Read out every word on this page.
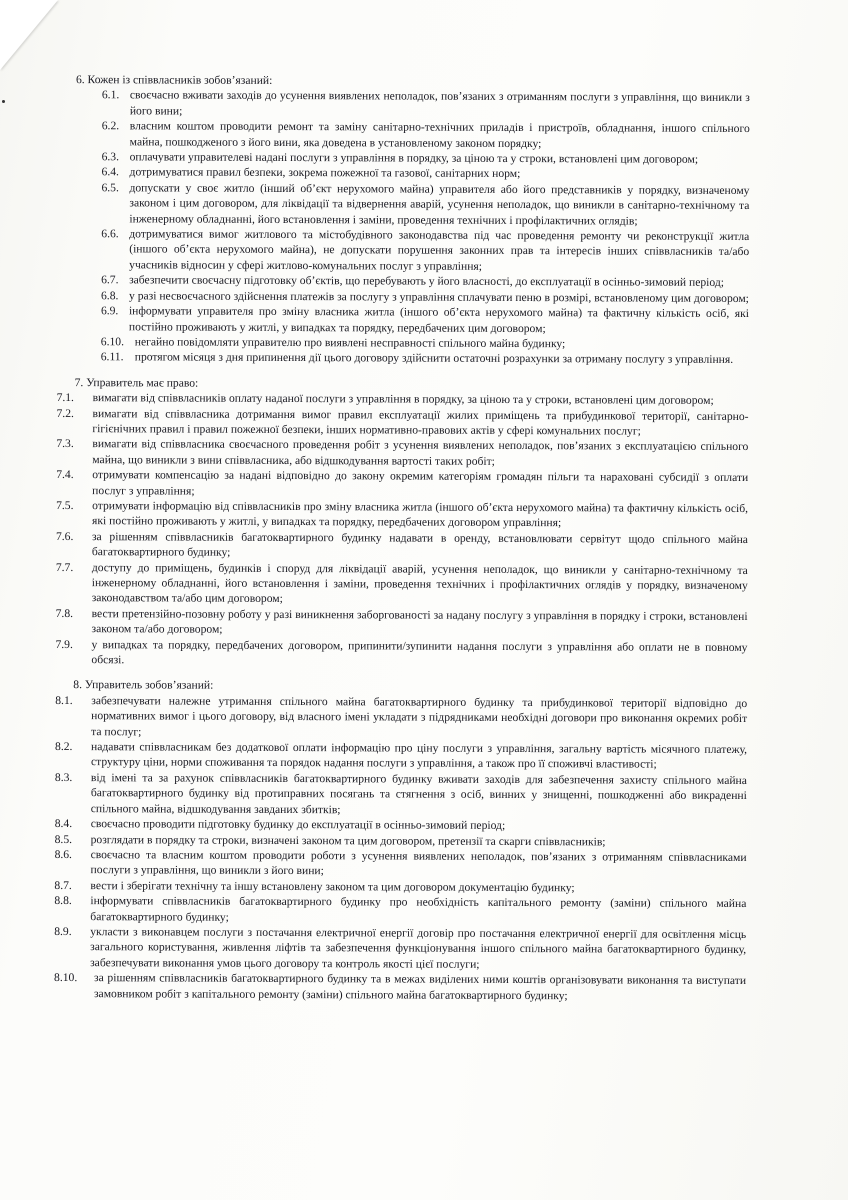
6. Кожен із співвласників зобов’язаний:

6.1. своєчасно вживати заходів до усунення виявлених неполадок, пов’язаних з отриманням послуги з управління, що виникли з його вини;
6.2. власним коштом проводити ремонт та заміну санітарно-технічних приладів і пристроїв, обладнання, іншого спільного майна, пошкодженого з його вини, яка доведена в установленому законом порядку;
6.3. оплачувати управителеві надані послуги з управління в порядку, за ціною та у строки, встановлені цим договором;
6.4. дотримуватися правил безпеки, зокрема пожежної та газової, санітарних норм;
6.5. допускати у своє житло (інший об’єкт нерухомого майна) управителя або його представників у порядку, визначеному законом і цим договором, для ліквідації та відвернення аварій, усунення неполадок, що виникли в санітарно-технічному та інженерному обладнанні, його встановлення і заміни, проведення технічних і профілактичних оглядів;
6.6. дотримуватися вимог житлового та містобудівного законодавства під час проведення ремонту чи реконструкції житла (іншого об’єкта нерухомого майна), не допускати порушення законних прав та інтересів інших співвласників та/або учасників відносин у сфері житлово-комунальних послуг з управління;
6.7. забезпечити своєчасну підготовку об’єктів, що перебувають у його власності, до експлуатації в осінньо-зимовий період;
6.8. у разі несвоєчасного здійснення платежів за послугу з управління сплачувати пеню в розмірі, встановленому цим договором;
6.9. інформувати управителя про зміну власника житла (іншого об’єкта нерухомого майна) та фактичну кількість осіб, які постійно проживають у житлі, у випадках та порядку, передбачених цим договором;
6.10. негайно повідомляти управителю про виявлені несправності спільного майна будинку;
6.11. протягом місяця з дня припинення дії цього договору здійснити остаточні розрахунки за отриману послугу з управління.

7. Управитель має право:

7.1.	вимагати від співвласників оплату наданої послуги з управління в порядку, за ціною та у строки, встановлені цим договором;
7.2.	вимагати від співвласника дотримання вимог правил експлуатації жилих приміщень та прибудинкової території, санітарно-гігієнічних правил і правил пожежної безпеки, інших нормативно-правових актів у сфері комунальних послуг;
7.3.	вимагати від співвласника своєчасного проведення робіт з усунення виявлених неполадок, пов’язаних з експлуатацією спільного майна, що виникли з вини співвласника, або відшкодування вартості таких робіт;
7.4.	отримувати компенсацію за надані відповідно до закону окремим категоріям громадян пільги та нараховані субсидії з оплати послуг з управління;
7.5.	отримувати інформацію від співвласників про зміну власника житла (іншого об’єкта нерухомого майна) та фактичну кількість осіб, які постійно проживають у житлі, у випадках та порядку, передбачених договором управління;
7.6.	за рішенням співвласників багатоквартирного будинку надавати в оренду, встановлювати сервітут щодо спільного майна багатоквартирного будинку;
7.7.	доступу до приміщень, будинків і споруд для ліквідації аварій, усунення неполадок, що виникли у санітарно-технічному та інженерному обладнанні, його встановлення і заміни, проведення технічних і профілактичних оглядів у порядку, визначеному законодавством та/або цим договором;
7.8.	вести претензійно-позовну роботу у разі виникнення заборгованості за надану послугу з управління в порядку і строки, встановлені законом та/або договором;
7.9.	у випадках та порядку, передбачених договором, припинити/зупинити надання послуги з управління або оплати не в повному обсязі.

8. Управитель зобов’язаний:

8.1.	забезпечувати належне утримання спільного майна багатоквартирного будинку та прибудинкової території відповідно до нормативних вимог і цього договору, від власного імені укладати з підрядниками необхідні договори про виконання окремих робіт та послуг;
8.2.	надавати співвласникам без додаткової оплати інформацію про ціну послуги з управління, загальну вартість місячного платежу, структуру ціни, норми споживання та порядок надання послуги з управління, а також про її споживчі властивості;
8.3.	від імені та за рахунок співвласників багатоквартирного будинку вживати заходів для забезпечення захисту спільного майна багатоквартирного будинку від протиправних посягань та стягнення з осіб, винних у знищенні, пошкодженні або викраденні спільного майна, відшкодування завданих збитків;
8.4.	своєчасно проводити підготовку будинку до експлуатації в осінньо-зимовий період;
8.5.	розглядати в порядку та строки, визначені законом та цим договором, претензії та скарги співвласників;
8.6.	своєчасно та власним коштом проводити роботи з усунення виявлених неполадок, пов’язаних з отриманням співвласниками послуги з управління, що виникли з його вини;
8.7.	вести і зберігати технічну та іншу встановлену законом та цим договором документацію будинку;
8.8.	інформувати співвласників багатоквартирного будинку про необхідність капітального ремонту (заміни) спільного майна багатоквартирного будинку;
8.9.	укласти з виконавцем послуги з постачання електричної енергії договір про постачання електричної енергії для освітлення місць загального користування, живлення ліфтів та забезпечення функціонування іншого спільного майна багатоквартирного будинку, забезпечувати виконання умов цього договору та контроль якості цієї послуги;
8.10.	за рішенням співвласників багатоквартирного будинку та в межах виділених ними коштів організовувати виконання та виступати замовником робіт з капітального ремонту (заміни) спільного майна багатоквартирного будинку;
